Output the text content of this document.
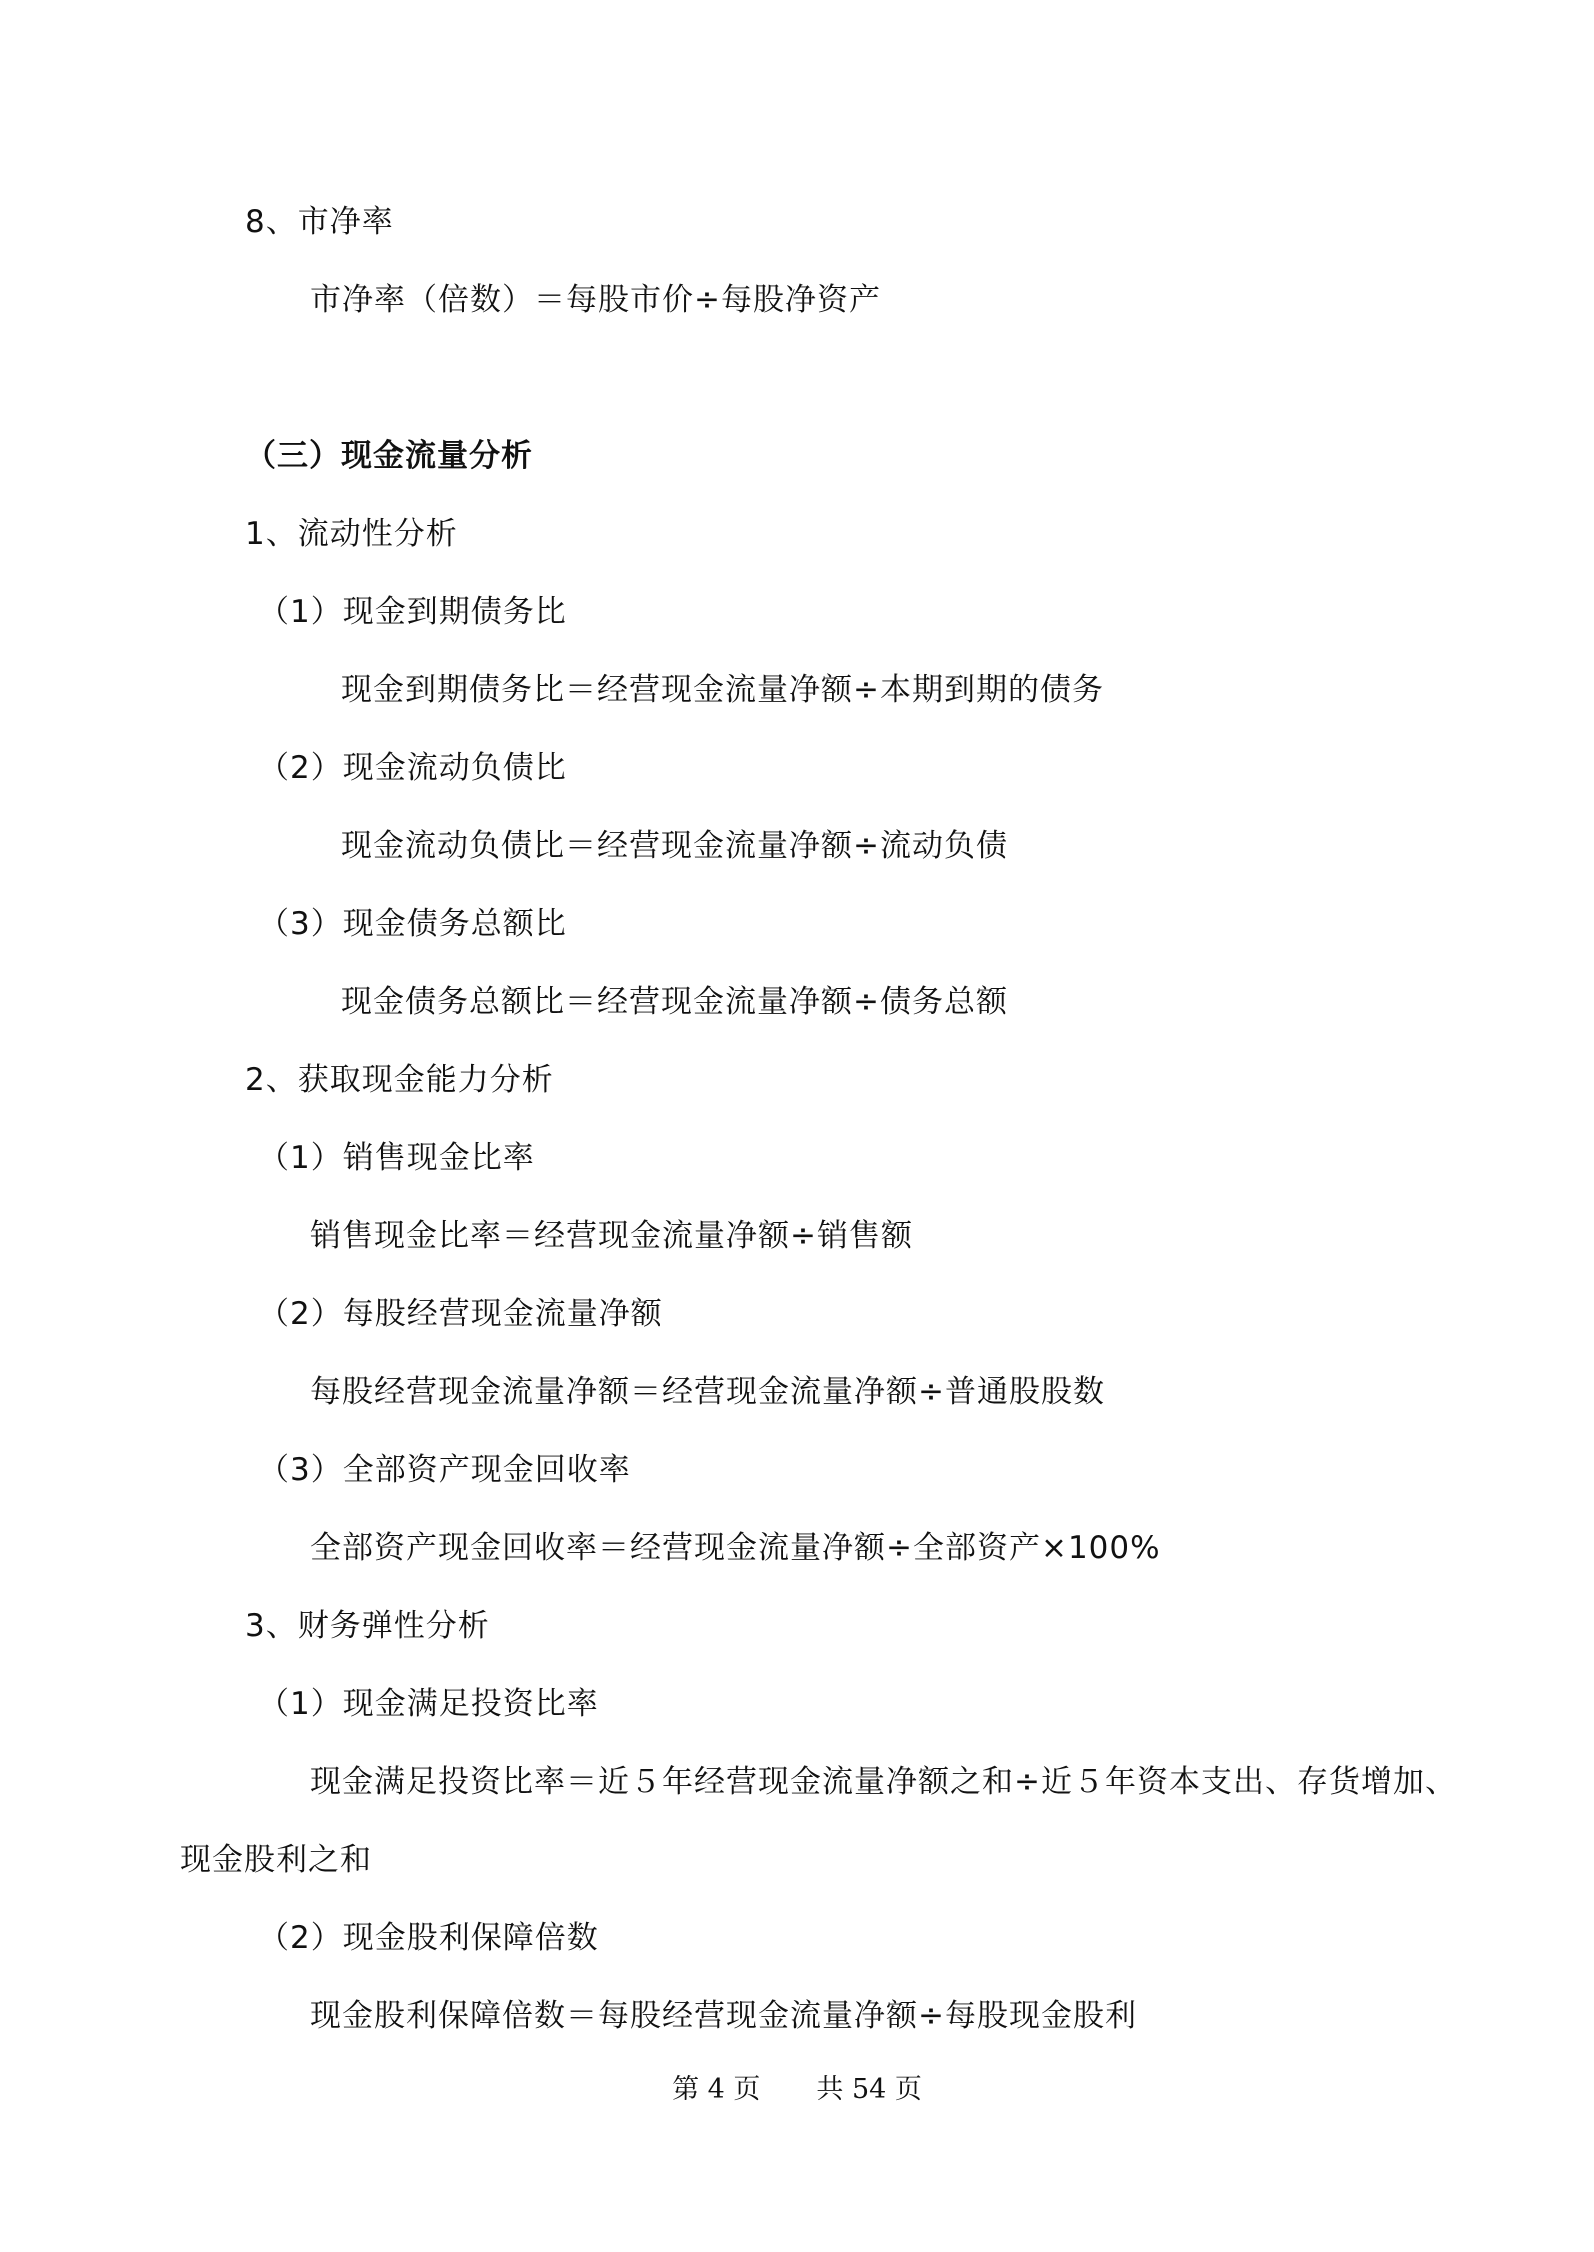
8、市净率
市净率（倍数）＝每股市价÷每股净资产
（三）现金流量分析
1、流动性分析
（1）现金到期债务比
现金到期债务比＝经营现金流量净额÷本期到期的债务
（2）现金流动负债比
现金流动负债比＝经营现金流量净额÷流动负债
（3）现金债务总额比
现金债务总额比＝经营现金流量净额÷债务总额
2、获取现金能力分析
（1）销售现金比率
销售现金比率＝经营现金流量净额÷销售额
（2）每股经营现金流量净额
每股经营现金流量净额＝经营现金流量净额÷普通股股数
（3）全部资产现金回收率
全部资产现金回收率＝经营现金流量净额÷全部资产×100%
3、财务弹性分析
（1）现金满足投资比率
现金满足投资比率＝近５年经营现金流量净额之和÷近５年资本支出、存货增加、
现金股利之和
（2）现金股利保障倍数
现金股利保障倍数＝每股经营现金流量净额÷每股现金股利
第 4 页 共 54 页
